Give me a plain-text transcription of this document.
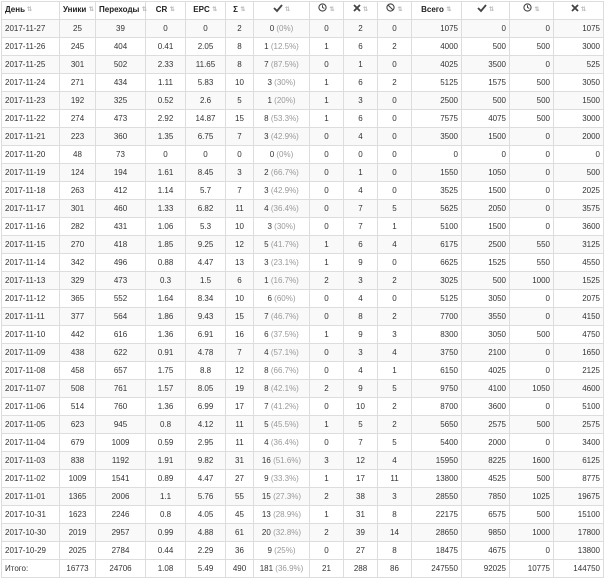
День ⇅	Уники ⇅	Переходы ⇅	CR ⇅	EPC ⇅	Σ ⇅	⇅	⇅	⇅	⇅	Всего ⇅	⇅	⇅	⇅
2017-11-27	25	39	0	0	2	0 (0%)	0	2	0	1075	0	0	1075
2017-11-26	245	404	0.41	2.05	8	1 (12.5%)	1	6	2	4000	500	500	3000
2017-11-25	301	502	2.33	11.65	8	7 (87.5%)	0	1	0	4025	3500	0	525
2017-11-24	271	434	1.11	5.83	10	3 (30%)	1	6	2	5125	1575	500	3050
2017-11-23	192	325	0.52	2.6	5	1 (20%)	1	3	0	2500	500	500	1500
2017-11-22	274	473	2.92	14.87	15	8 (53.3%)	1	6	0	7575	4075	500	3000
2017-11-21	223	360	1.35	6.75	7	3 (42.9%)	0	4	0	3500	1500	0	2000
2017-11-20	48	73	0	0	0	0 (0%)	0	0	0	0	0	0	0
2017-11-19	124	194	1.61	8.45	3	2 (66.7%)	0	1	0	1550	1050	0	500
2017-11-18	263	412	1.14	5.7	7	3 (42.9%)	0	4	0	3525	1500	0	2025
2017-11-17	301	460	1.33	6.82	11	4 (36.4%)	0	7	5	5625	2050	0	3575
2017-11-16	282	431	1.06	5.3	10	3 (30%)	0	7	1	5100	1500	0	3600
2017-11-15	270	418	1.85	9.25	12	5 (41.7%)	1	6	4	6175	2500	550	3125
2017-11-14	342	496	0.88	4.47	13	3 (23.1%)	1	9	0	6625	1525	550	4550
2017-11-13	329	473	0.3	1.5	6	1 (16.7%)	2	3	2	3025	500	1000	1525
2017-11-12	365	552	1.64	8.34	10	6 (60%)	0	4	0	5125	3050	0	2075
2017-11-11	377	564	1.86	9.43	15	7 (46.7%)	0	8	2	7700	3550	0	4150
2017-11-10	442	616	1.36	6.91	16	6 (37.5%)	1	9	3	8300	3050	500	4750
2017-11-09	438	622	0.91	4.78	7	4 (57.1%)	0	3	4	3750	2100	0	1650
2017-11-08	458	657	1.75	8.8	12	8 (66.7%)	0	4	1	6150	4025	0	2125
2017-11-07	508	761	1.57	8.05	19	8 (42.1%)	2	9	5	9750	4100	1050	4600
2017-11-06	514	760	1.36	6.99	17	7 (41.2%)	0	10	2	8700	3600	0	5100
2017-11-05	623	945	0.8	4.12	11	5 (45.5%)	1	5	2	5650	2575	500	2575
2017-11-04	679	1009	0.59	2.95	11	4 (36.4%)	0	7	5	5400	2000	0	3400
2017-11-03	838	1192	1.91	9.82	31	16 (51.6%)	3	12	4	15950	8225	1600	6125
2017-11-02	1009	1541	0.89	4.47	27	9 (33.3%)	1	17	11	13800	4525	500	8775
2017-11-01	1365	2006	1.1	5.76	55	15 (27.3%)	2	38	3	28550	7850	1025	19675
2017-10-31	1623	2246	0.8	4.05	45	13 (28.9%)	1	31	8	22175	6575	500	15100
2017-10-30	2019	2957	0.99	4.88	61	20 (32.8%)	2	39	14	28650	9850	1000	17800
2017-10-29	2025	2784	0.44	2.29	36	9 (25%)	0	27	8	18475	4675	0	13800
Итого:	16773	24706	1.08	5.49	490	181 (36.9%)	21	288	86	247550	92025	10775	144750
